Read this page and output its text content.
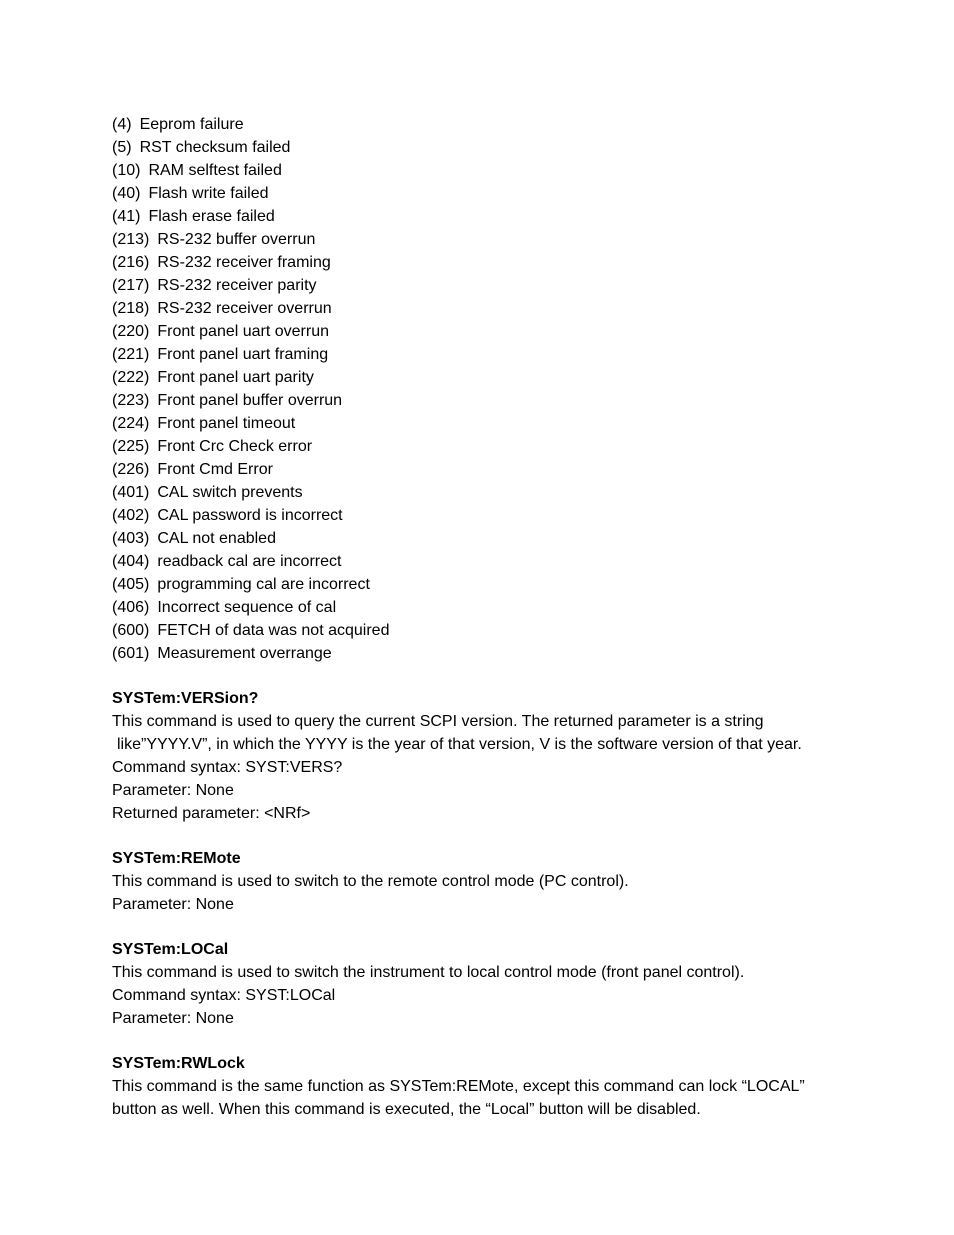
(4) Eeprom failure
(5) RST checksum failed
(10) RAM selftest failed
(40) Flash write failed
(41) Flash erase failed
(213) RS-232 buffer overrun
(216) RS-232 receiver framing
(217) RS-232 receiver parity
(218) RS-232 receiver overrun
(220) Front panel uart overrun
(221) Front panel uart framing
(222) Front panel uart parity
(223) Front panel buffer overrun
(224) Front panel timeout
(225) Front Crc Check error
(226) Front Cmd Error
(401) CAL switch prevents
(402) CAL password is incorrect
(403) CAL not enabled
(404) readback cal are incorrect
(405) programming cal are incorrect
(406) Incorrect sequence of cal
(600) FETCH of data was not acquired
(601) Measurement overrange
SYSTem:VERSion?
This command is used to query the current SCPI version. The returned parameter is a string
like”YYYY.V”, in which the YYYY is the year of that version, V is the software version of that year.
Command syntax: SYST:VERS?
Parameter: None
Returned parameter: <NRf>
SYSTem:REMote
This command is used to switch to the remote control mode (PC control).
Parameter: None
SYSTem:LOCal
This command is used to switch the instrument to local control mode (front panel control).
Command syntax: SYST:LOCal
Parameter: None
SYSTem:RWLock
This command is the same function as SYSTem:REMote, except this command can lock “LOCAL”
button as well. When this command is executed, the “Local” button will be disabled.
